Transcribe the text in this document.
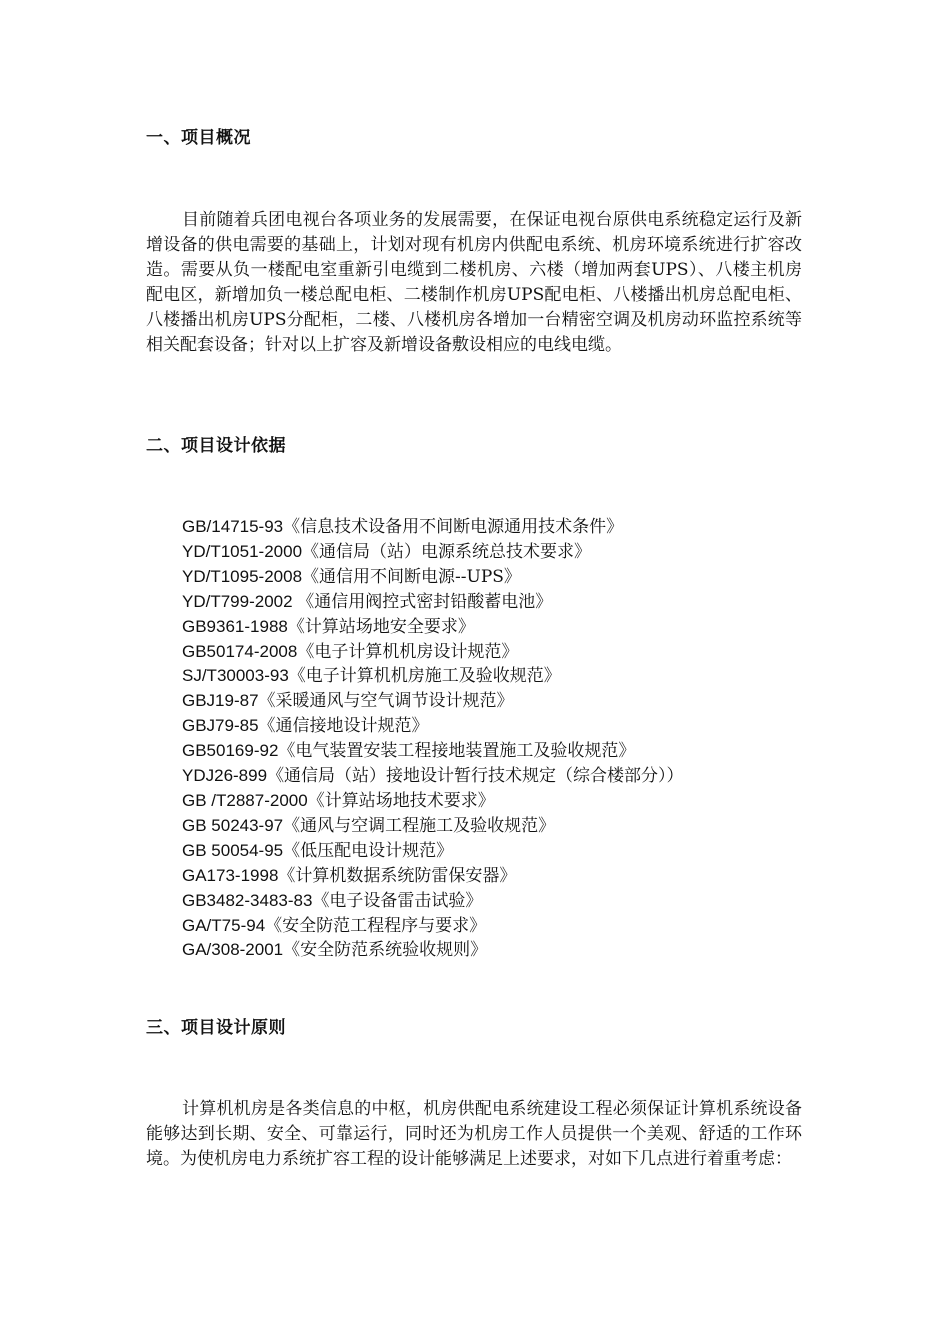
一、项目概况

目前随着兵团电视台各项业务的发展需要，在保证电视台原供电系统稳定运行及新增设备的供电需要的基础上，计划对现有机房内供配电系统、机房环境系统进行扩容改造。需要从负一楼配电室重新引电缆到二楼机房、六楼（增加两套UPS）、八楼主机房配电区，新增加负一楼总配电柜、二楼制作机房UPS配电柜、八楼播出机房总配电柜、八楼播出机房UPS分配柜，二楼、八楼机房各增加一台精密空调及机房动环监控系统等相关配套设备；针对以上扩容及新增设备敷设相应的电线电缆。

二、项目设计依据
GB/14715-93《信息技术设备用不间断电源通用技术条件》
YD/T1051-2000《通信局（站）电源系统总技术要求》
YD/T1095-2008《通信用不间断电源--UPS》
YD/T799-2002 《通信用阀控式密封铅酸蓄电池》
GB9361-1988《计算站场地安全要求》
GB50174-2008《电子计算机机房设计规范》
SJ/T30003-93《电子计算机机房施工及验收规范》
GBJ19-87《采暖通风与空气调节设计规范》
GBJ79-85《通信接地设计规范》
GB50169-92《电气装置安装工程接地装置施工及验收规范》
YDJ26-899《通信局（站）接地设计暂行技术规定（综合楼部分））
GB /T2887-2000《计算站场地技术要求》
GB 50243-97《通风与空调工程施工及验收规范》
GB 50054-95《低压配电设计规范》
GA173-1998《计算机数据系统防雷保安器》
GB3482-3483-83《电子设备雷击试验》
GA/T75-94《安全防范工程程序与要求》
GA/308-2001《安全防范系统验收规则》
三、项目设计原则

计算机机房是各类信息的中枢，机房供配电系统建设工程必须保证计算机系统设备能够达到长期、安全、可靠运行，同时还为机房工作人员提供一个美观、舒适的工作环境。为使机房电力系统扩容工程的设计能够满足上述要求，对如下几点进行着重考虑：
